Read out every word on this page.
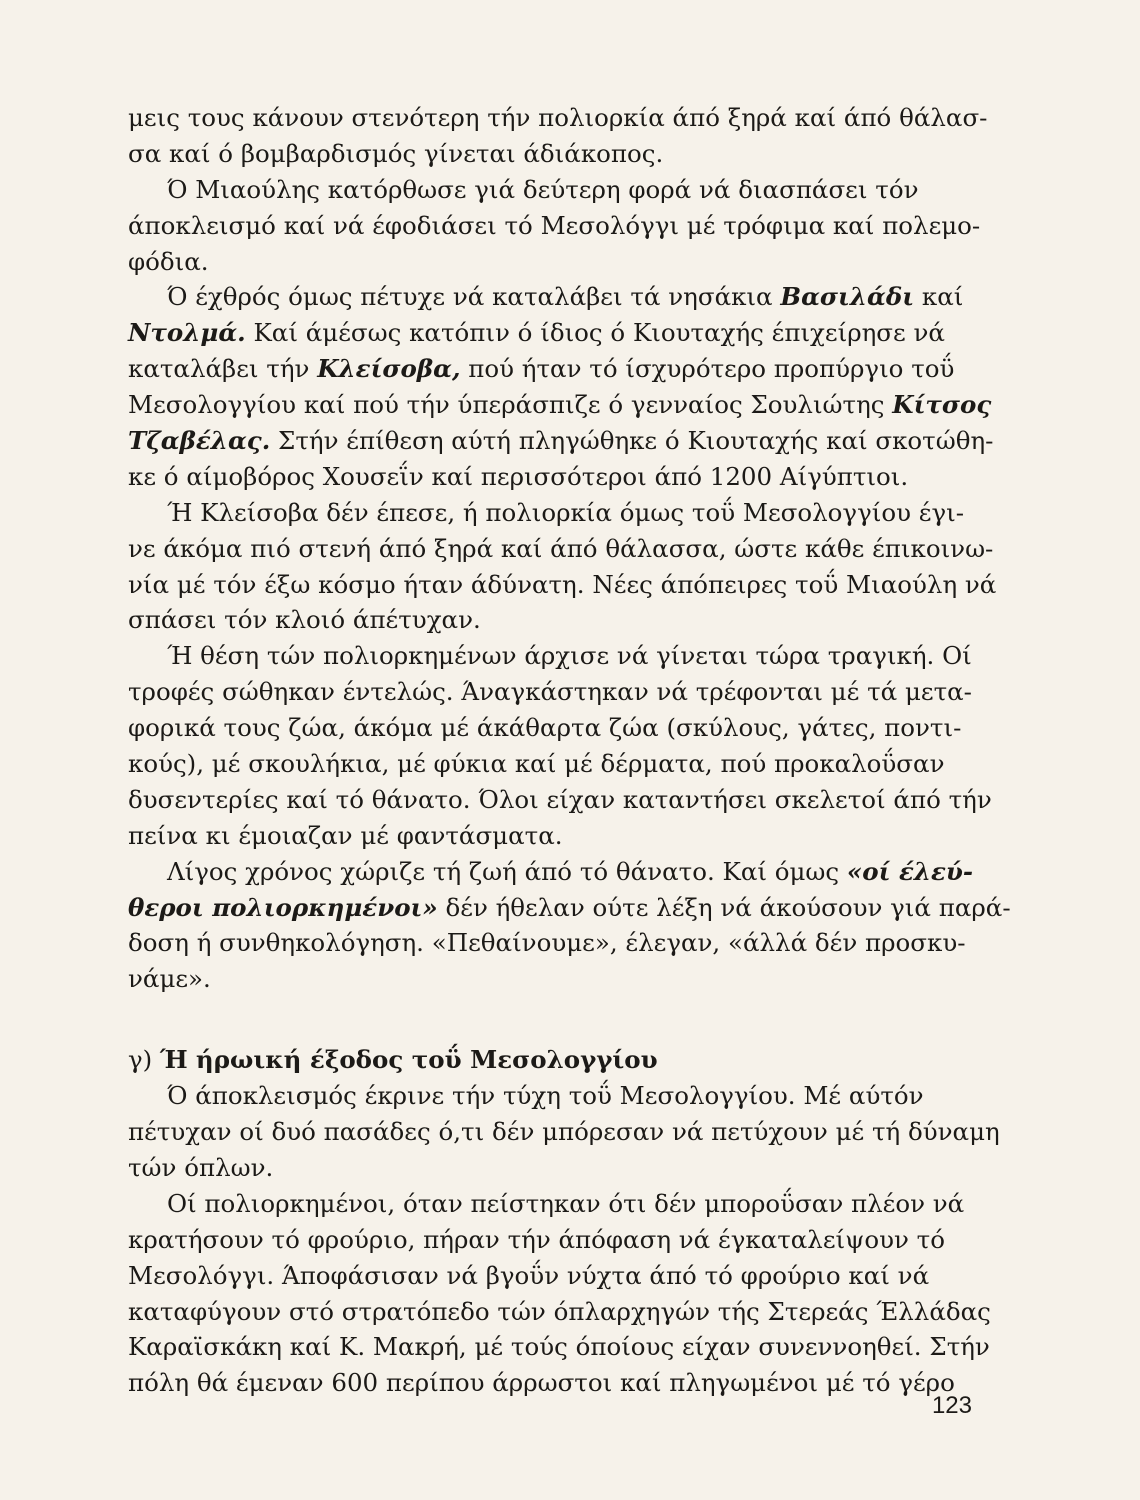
μεις τους κάνουν στενότερη τήν πολιορκία άπό ξηρά καί άπό θάλασ-
σα καί ό βομβαρδισμός γίνεται άδιάκοπος.
Ό Μιαούλης κατόρθωσε γιά δεύτερη φορά νά διασπάσει τόν
άποκλεισμό καί νά έφοδιάσει τό Μεσολόγγι μέ τρόφιμα καί πολεμο-
φόδια.
Ό έχθρός όμως πέτυχε νά καταλάβει τά νησάκια Βασιλάδι καί
Ντολμά. Καί άμέσως κατόπιν ό ίδιος ό Κιουταχής έπιχείρησε νά
καταλάβει τήν Κλείσοβα, πού ήταν τό ίσχυρότερο προπύργιο τοΰ
Μεσολογγίου καί πού τήν ύπεράσπιζε ό γενναίος Σουλιώτης Κίτσος
Τζαβέλας. Στήν έπίθεση αύτή πληγώθηκε ό Κιουταχής καί σκοτώθη-
κε ό αίμοβόρος Χουσεΐν καί περισσότεροι άπό 1200 Αίγύπτιοι.
Ή Κλείσοβα δέν έπεσε, ή πολιορκία όμως τοΰ Μεσολογγίου έγι-
νε άκόμα πιό στενή άπό ξηρά καί άπό θάλασσα, ώστε κάθε έπικοινω-
νία μέ τόν έξω κόσμο ήταν άδύνατη. Νέες άπόπειρες τοΰ Μιαούλη νά
σπάσει τόν κλοιό άπέτυχαν.
Ή θέση τών πολιορκημένων άρχισε νά γίνεται τώρα τραγική. Οί
τροφές σώθηκαν έντελώς. Άναγκάστηκαν νά τρέφονται μέ τά μετα-
φορικά τους ζώα, άκόμα μέ άκάθαρτα ζώα (σκύλους, γάτες, ποντι-
κούς), μέ σκουλήκια, μέ φύκια καί μέ δέρματα, πού προκαλοΰσαν
δυσεντερίες καί τό θάνατο. Όλοι είχαν καταντήσει σκελετοί άπό τήν
πείνα κι έμοιαζαν μέ φαντάσματα.
Λίγος χρόνος χώριζε τή ζωή άπό τό θάνατο. Καί όμως «οί έλεύ-
θεροι πολιορκημένοι» δέν ήθελαν ούτε λέξη νά άκούσουν γιά παρά-
δοση ή συνθηκολόγηση. «Πεθαίνουμε», έλεγαν, «άλλά δέν προσκυ-
νάμε».
γ) Ή ήρωική έξοδος τοΰ Μεσολογγίου
Ό άποκλεισμός έκρινε τήν τύχη τοΰ Μεσολογγίου. Μέ αύτόν
πέτυχαν οί δυό πασάδες ό,τι δέν μπόρεσαν νά πετύχουν μέ τή δύναμη
τών όπλων.
Οί πολιορκημένοι, όταν πείστηκαν ότι δέν μποροΰσαν πλέον νά
κρατήσουν τό φρούριο, πήραν τήν άπόφαση νά έγκαταλείψουν τό
Μεσολόγγι. Άποφάσισαν νά βγοΰν νύχτα άπό τό φρούριο καί νά
καταφύγουν στό στρατόπεδο τών όπλαρχηγών τής Στερεάς Έλλάδας
Καραϊσκάκη καί Κ. Μακρή, μέ τούς όποίους είχαν συνεννοηθεί. Στήν
πόλη θά έμεναν 600 περίπου άρρωστοι καί πληγωμένοι μέ τό γέρο
123
